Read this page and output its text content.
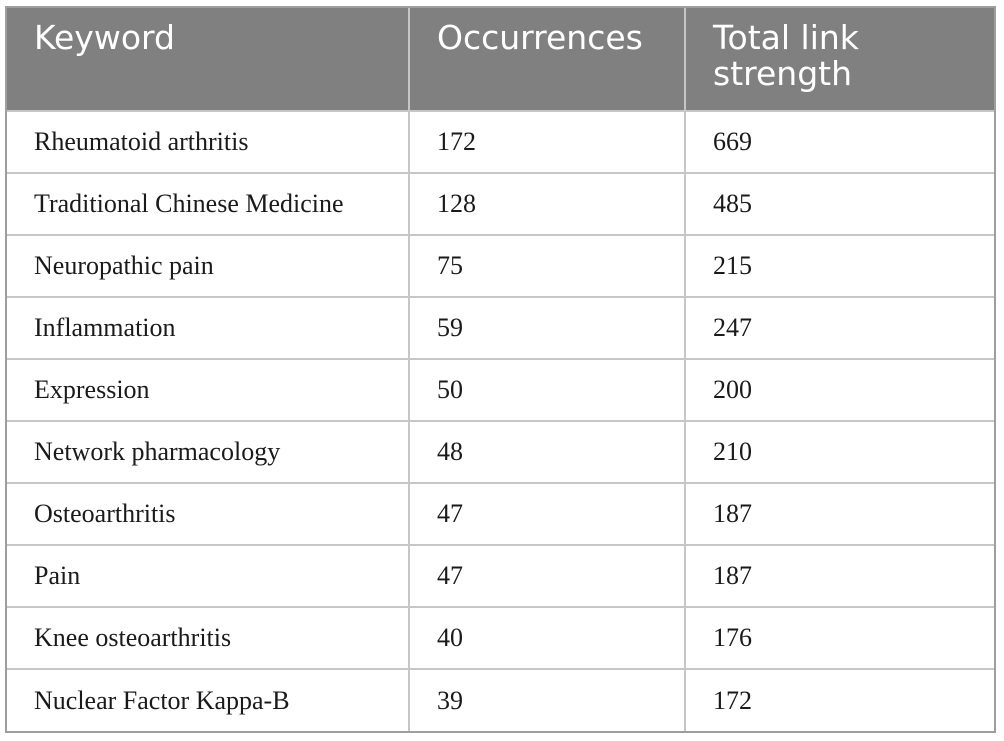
Keyword	Occurrences	Total link strength
Rheumatoid arthritis	172	669
Traditional Chinese Medicine	128	485
Neuropathic pain	75	215
Inflammation	59	247
Expression	50	200
Network pharmacology	48	210
Osteoarthritis	47	187
Pain	47	187
Knee osteoarthritis	40	176
Nuclear Factor Kappa-B	39	172
